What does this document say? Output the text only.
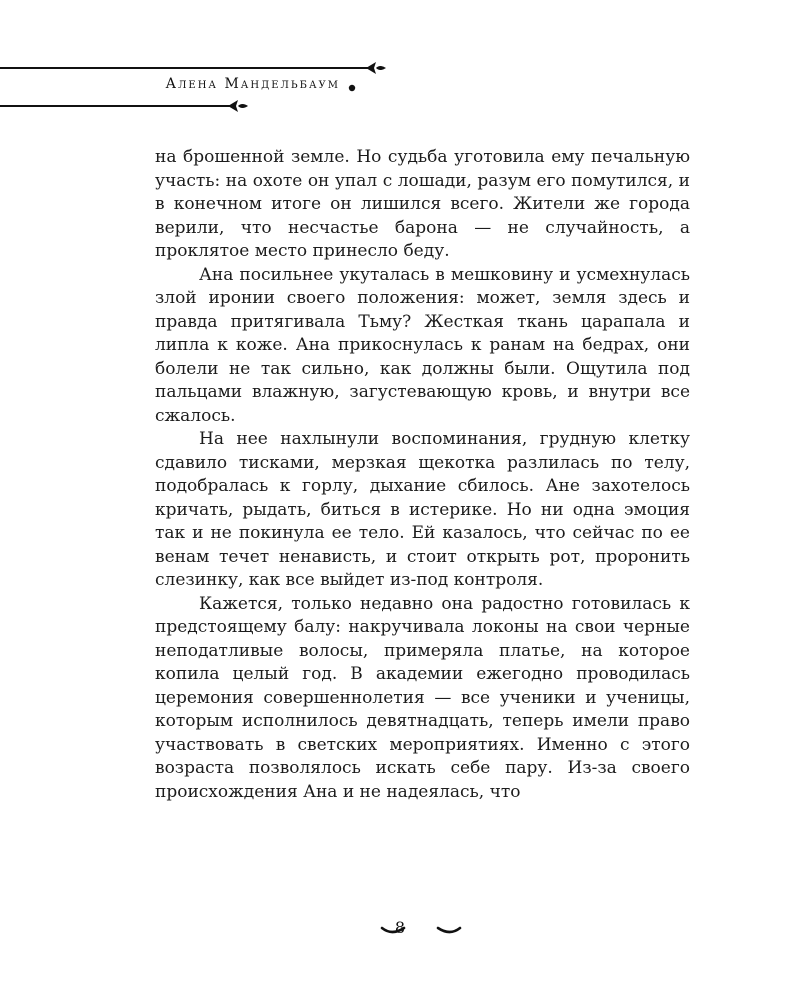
Алена Мандельбаум

на брошенной земле. Но судьба уготовила ему печальную участь: на охоте он упал с лошади, разум его помутился, и в конечном итоге он лишился всего. Жители же города верили, что несчастье барона — не случайность, а проклятое место принесло беду.

Ана посильнее укуталась в мешковину и усмехнулась злой иронии своего положения: может, земля здесь и правда притягивала Тьму? Жесткая ткань царапала и липла к коже. Ана прикоснулась к ранам на бедрах, они болели не так сильно, как должны были. Ощутила под пальцами влажную, загустевающую кровь, и внутри все сжалось.

На нее нахлынули воспоминания, грудную клетку сдавило тисками, мерзкая щекотка разлилась по телу, подобралась к горлу, дыхание сбилось. Ане захотелось кричать, рыдать, биться в истерике. Но ни одна эмоция так и не покинула ее тело. Ей казалось, что сейчас по ее венам течет ненависть, и стоит открыть рот, проронить слезинку, как все выйдет из-под контроля.

Кажется, только недавно она радостно готовилась к предстоящему балу: накручивала локоны на свои черные неподатливые волосы, примеряла платье, на которое копила целый год. В академии ежегодно проводилась церемония совершеннолетия — все ученики и ученицы, которым исполнилось девятнадцать, теперь имели право участвовать в светских мероприятиях. Именно с этого возраста позволялось искать себе пару. Из-за своего происхождения Ана и не надеялась, что

8
